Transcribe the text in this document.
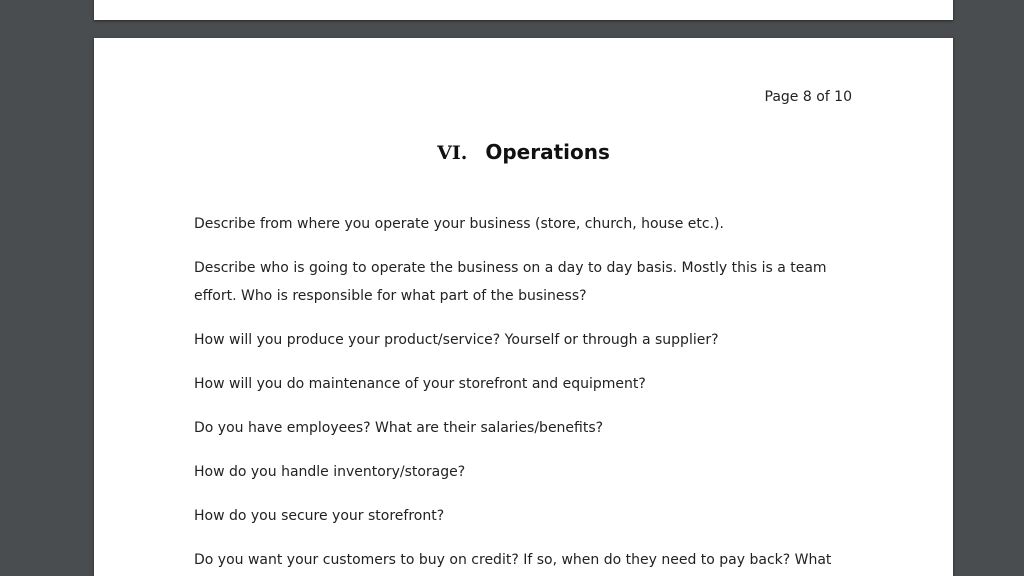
Page 8 of 10
VI. Operations

Describe from where you operate your business (store, church, house etc.).

Describe who is going to operate the business on a day to day basis. Mostly this is a team effort. Who is responsible for what part of the business?

How will you produce your product/service? Yourself or through a supplier?

How will you do maintenance of your storefront and equipment?

Do you have employees? What are their salaries/benefits?

How do you handle inventory/storage?

How do you secure your storefront?

Do you want your customers to buy on credit? If so, when do they need to pay back? What
